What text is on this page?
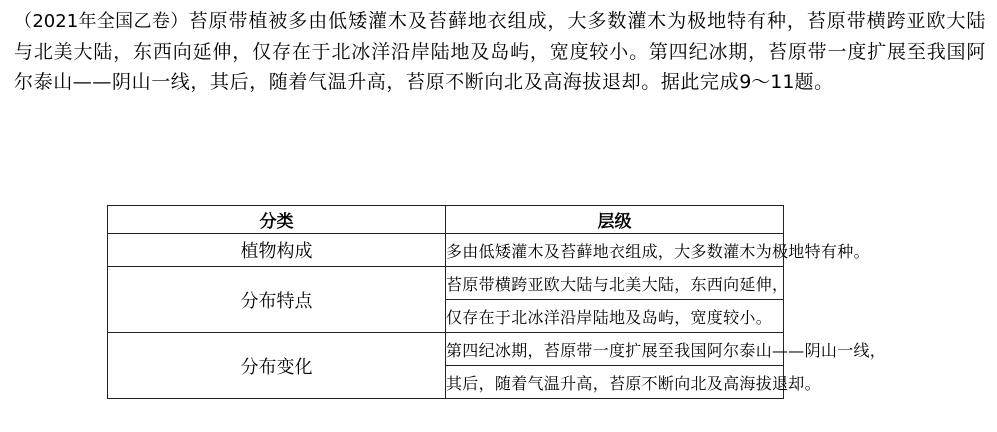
（2021年全国乙卷）苔原带植被多由低矮灌木及苔藓地衣组成，大多数灌木为极地特有种，苔原带横跨亚欧大陆与北美大陆，东西向延伸，仅存在于北冰洋沿岸陆地及岛屿，宽度较小。第四纪冰期，苔原带一度扩展至我国阿尔泰山——阴山一线，其后，随着气温升高，苔原不断向北及高海拔退却。据此完成9～11题。

分类	层级
植物构成	多由低矮灌木及苔藓地衣组成，大多数灌木为极地特有种。
分布特点	苔原带横跨亚欧大陆与北美大陆，东西向延伸，
	仅存在于北冰洋沿岸陆地及岛屿，宽度较小。
分布变化	第四纪冰期，苔原带一度扩展至我国阿尔泰山——阴山一线，
	其后，随着气温升高，苔原不断向北及高海拔退却。
